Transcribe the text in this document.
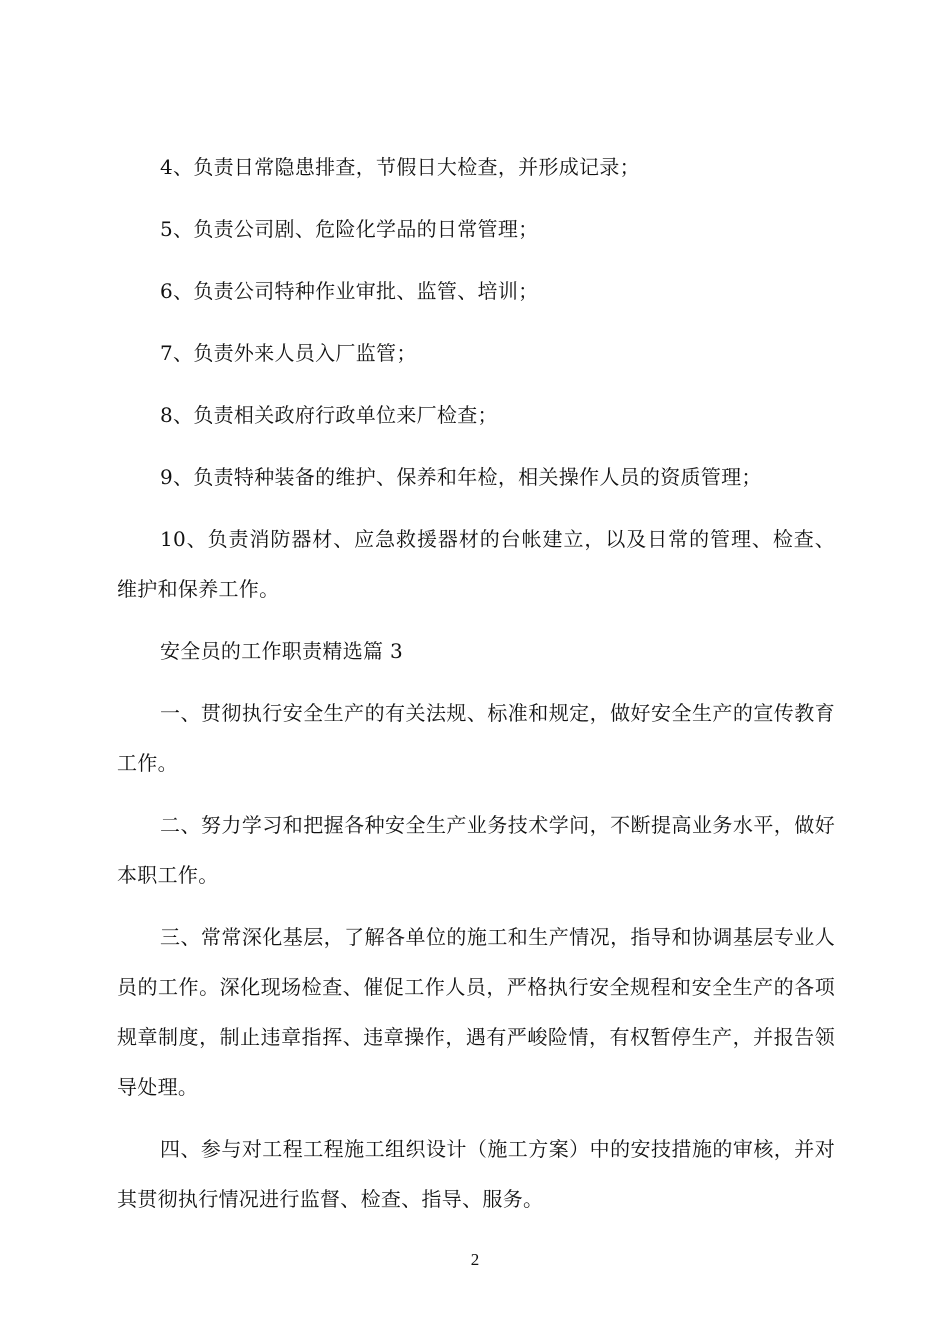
4、负责日常隐患排查，节假日大检查，并形成记录；

5、负责公司剧、危险化学品的日常管理；

6、负责公司特种作业审批、监管、培训；

7、负责外来人员入厂监管；

8、负责相关政府行政单位来厂检查；

9、负责特种装备的维护、保养和年检，相关操作人员的资质管理；

10、负责消防器材、应急救援器材的台帐建立，以及日常的管理、检查、维护和保养工作。

安全员的工作职责精选篇 3

一、贯彻执行安全生产的有关法规、标准和规定，做好安全生产的宣传教育工作。

二、努力学习和把握各种安全生产业务技术学问，不断提高业务水平，做好本职工作。

三、常常深化基层，了解各单位的施工和生产情况，指导和协调基层专业人员的工作。深化现场检查、催促工作人员，严格执行安全规程和安全生产的各项规章制度，制止违章指挥、违章操作，遇有严峻险情，有权暂停生产，并报告领导处理。

四、参与对工程工程施工组织设计（施工方案）中的安技措施的审核，并对其贯彻执行情况进行监督、检查、指导、服务。

2
